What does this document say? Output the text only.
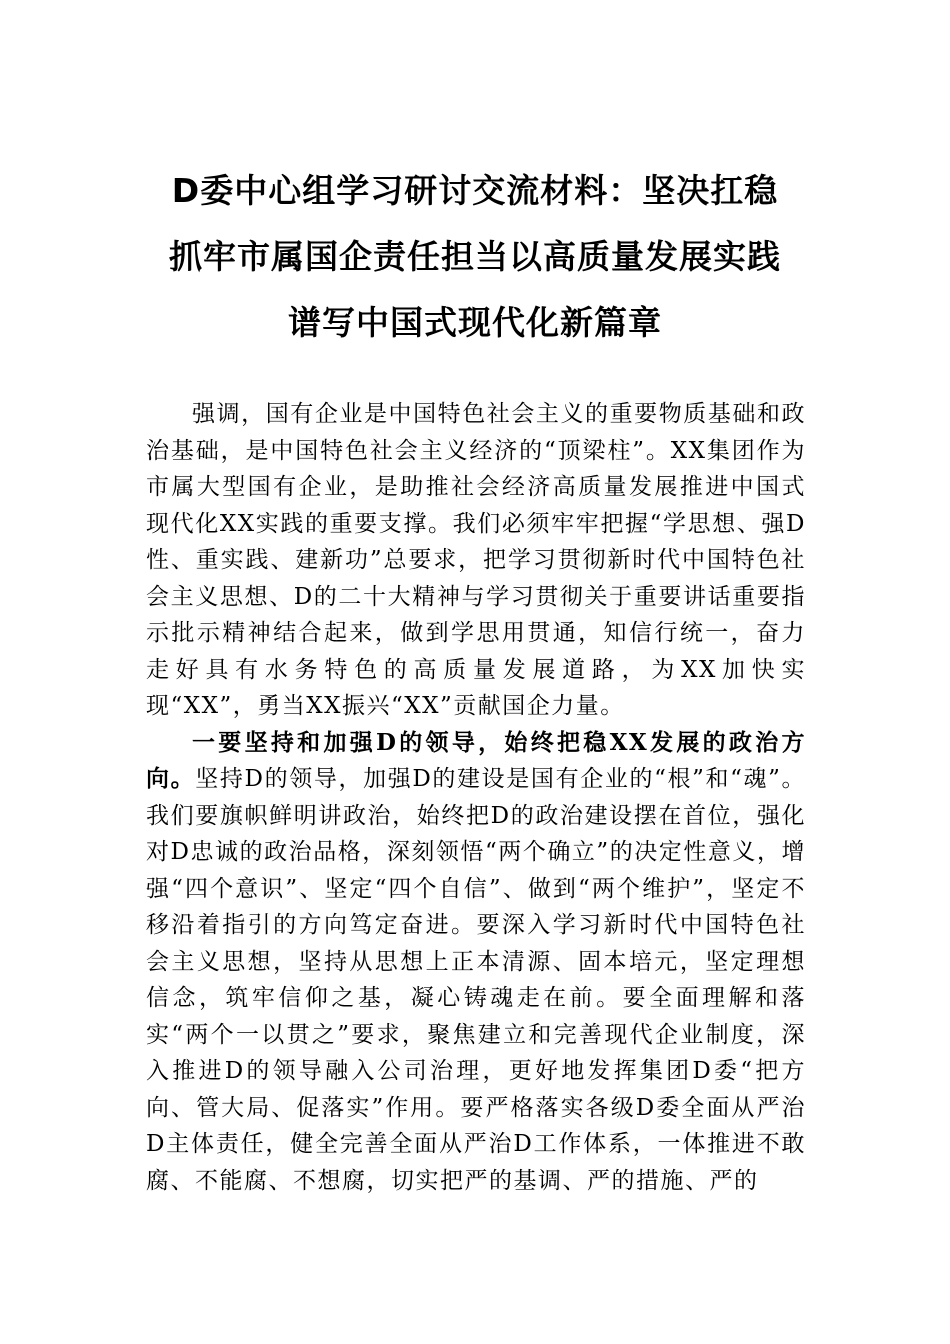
D委中心组学习研讨交流材料：坚决扛稳
抓牢市属国企责任担当以高质量发展实践
谱写中国式现代化新篇章

强调，国有企业是中国特色社会主义的重要物质基础和政治基础，是中国特色社会主义经济的“顶梁柱”。XX集团作为市属大型国有企业，是助推社会经济高质量发展推进中国式现代化XX实践的重要支撑。我们必须牢牢把握“学思想、强D性、重实践、建新功”总要求，把学习贯彻新时代中国特色社会主义思想、D的二十大精神与学习贯彻关于重要讲话重要指示批示精神结合起来，做到学思用贯通，知信行统一，奋力走好具有水务特色的高质量发展道路，为XX加快实现“XX”，勇当XX振兴“XX”贡献国企力量。

一要坚持和加强D的领导，始终把稳XX发展的政治方向。坚持D的领导，加强D的建设是国有企业的“根”和“魂”。我们要旗帜鲜明讲政治，始终把D的政治建设摆在首位，强化对D忠诚的政治品格，深刻领悟“两个确立”的决定性意义，增强“四个意识”、坚定“四个自信”、做到“两个维护”，坚定不移沿着指引的方向笃定奋进。要深入学习新时代中国特色社会主义思想，坚持从思想上正本清源、固本培元，坚定理想信念，筑牢信仰之基，凝心铸魂走在前。要全面理解和落实“两个一以贯之”要求，聚焦建立和完善现代企业制度，深入推进D的领导融入公司治理，更好地发挥集团D委“把方向、管大局、促落实”作用。要严格落实各级D委全面从严治D主体责任，健全完善全面从严治D工作体系，一体推进不敢腐、不能腐、不想腐，切实把严的基调、严的措施、严的
